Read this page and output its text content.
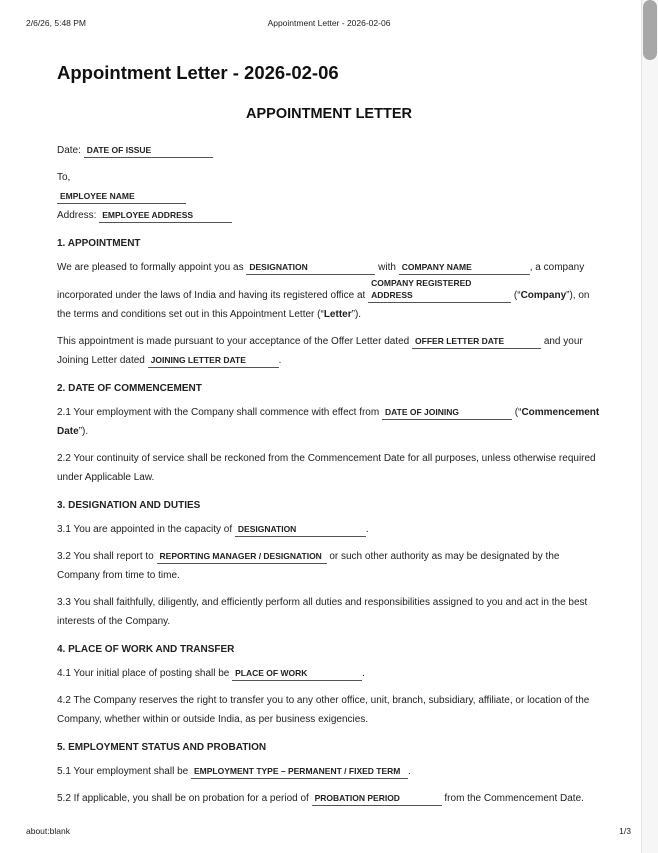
2/6/26, 5:48 PM	Appointment Letter - 2026-02-06
Appointment Letter - 2026-02-06
APPOINTMENT LETTER

Date: DATE OF ISSUE

To,

EMPLOYEE NAME

Address: EMPLOYEE ADDRESS

1. APPOINTMENT

We are pleased to formally appoint you as DESIGNATION	with COMPANY NAME	, a company incorporated under the laws of India and having its registered office at COMPANY REGISTERED ADDRESS	(“Company”), on the terms and conditions set out in this Appointment Letter (“Letter”).

This appointment is made pursuant to your acceptance of the Offer Letter dated OFFER LETTER DATE	and your Joining Letter dated JOINING LETTER DATE	.

2. DATE OF COMMENCEMENT

2.1 Your employment with the Company shall commence with effect from DATE OF JOINING	(“Commencement Date”).

2.2 Your continuity of service shall be reckoned from the Commencement Date for all purposes, unless otherwise required under Applicable Law.

3. DESIGNATION AND DUTIES

3.1 You are appointed in the capacity of DESIGNATION	.

3.2 You shall report to REPORTING MANAGER / DESIGNATION or such other authority as may be designated by the Company from time to time.

3.3 You shall faithfully, diligently, and efficiently perform all duties and responsibilities assigned to you and act in the best interests of the Company.

4. PLACE OF WORK AND TRANSFER

4.1 Your initial place of posting shall be PLACE OF WORK	.

4.2 The Company reserves the right to transfer you to any other office, unit, branch, subsidiary, affiliate, or location of the Company, whether within or outside India, as per business exigencies.

5. EMPLOYMENT STATUS AND PROBATION

5.1 Your employment shall be EMPLOYMENT TYPE – PERMANENT / FIXED TERM .

5.2 If applicable, you shall be on probation for a period of PROBATION PERIOD	from the Commencement Date.

about:blank	1/3
